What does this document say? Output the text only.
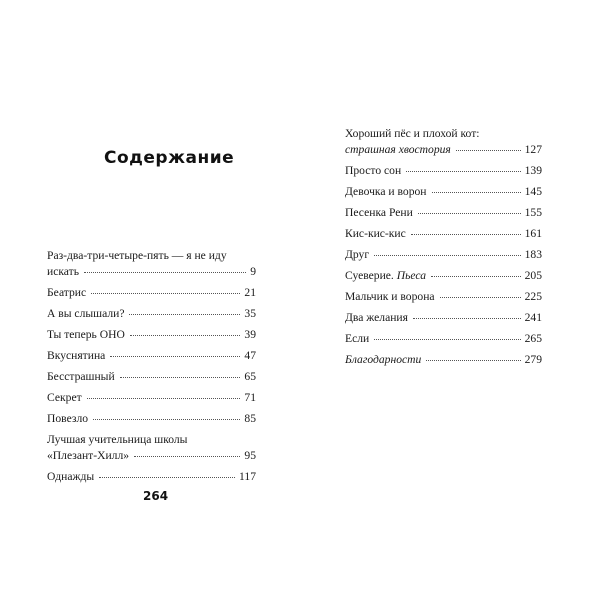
Содержание
Раз-два-три-четыре-пять — я не иду
искать	9
Беатрис	21
А вы слышали?	35
Ты теперь ОНО	39
Вкуснятина	47
Бесстрашный	65
Секрет	71
Повезло	85
Лучшая учительница школы
«Плезант-Хилл»	95
Однажды	117
264
Хороший пёс и плохой кот:
страшная хвостория	127
Просто сон	139
Девочка и ворон	145
Песенка Рени	155
Кис-кис-кис	161
Друг	183
Суеверие. Пьеса	205
Мальчик и ворона	225
Два желания	241
Если	265
Благодарности	279
